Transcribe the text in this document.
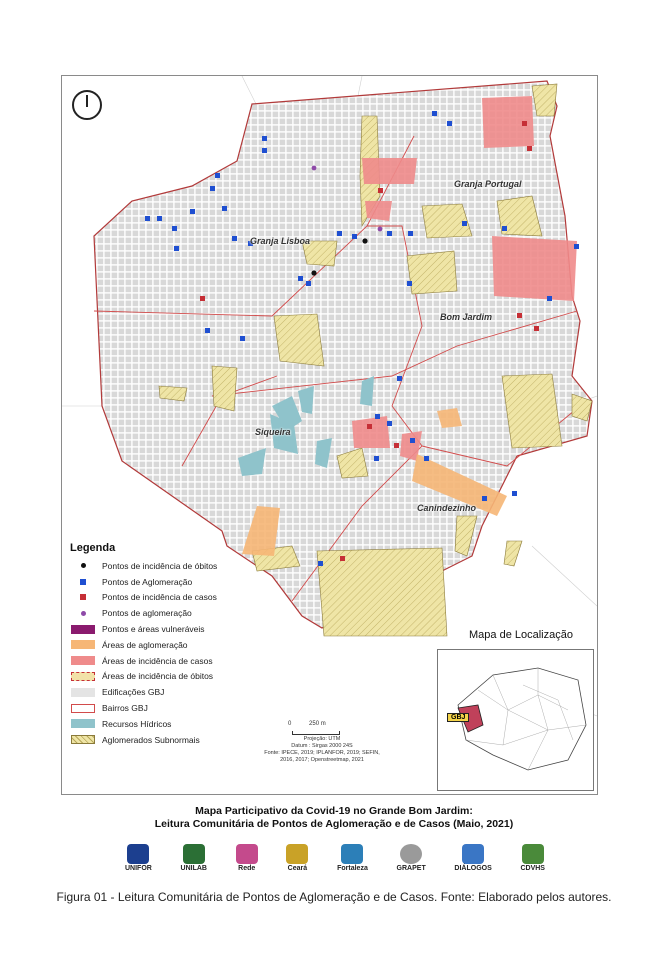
Granja Lisboa
Granja Portugal
Bom Jardim
Siqueira
Canindezinho
Legenda
Pontos de incidência de óbitos
Pontos de Aglomeração
Pontos de incidência de casos
Pontos de aglomeração
Pontos e áreas vulneráveis
Áreas de aglomeração
Áreas de incidência de casos
Áreas de incidência de óbitos
Edificações GBJ
Bairros GBJ
Recursos Hídricos
Aglomerados Subnormais
0	250 m
Projeção: UTM
Datum : Sirgas 2000 24S
Fonte: IPECE, 2019; IPLANFOR, 2019; SEFIN,
2016, 2017; Openstreetmap, 2021
Mapa de Localização
GBJ
Mapa Participativo da Covid-19 no Grande Bom Jardim:
Leitura Comunitária de Pontos de Aglomeração e de Casos (Maio, 2021)
UNIFOR	UNILAB	Rede	Ceará	Fortaleza	GRAPET	DIÁLOGOS	CDVHS
Figura 01 - Leitura Comunitária de Pontos de Aglomeração e de Casos. Fonte: Elaborado pelos autores.
